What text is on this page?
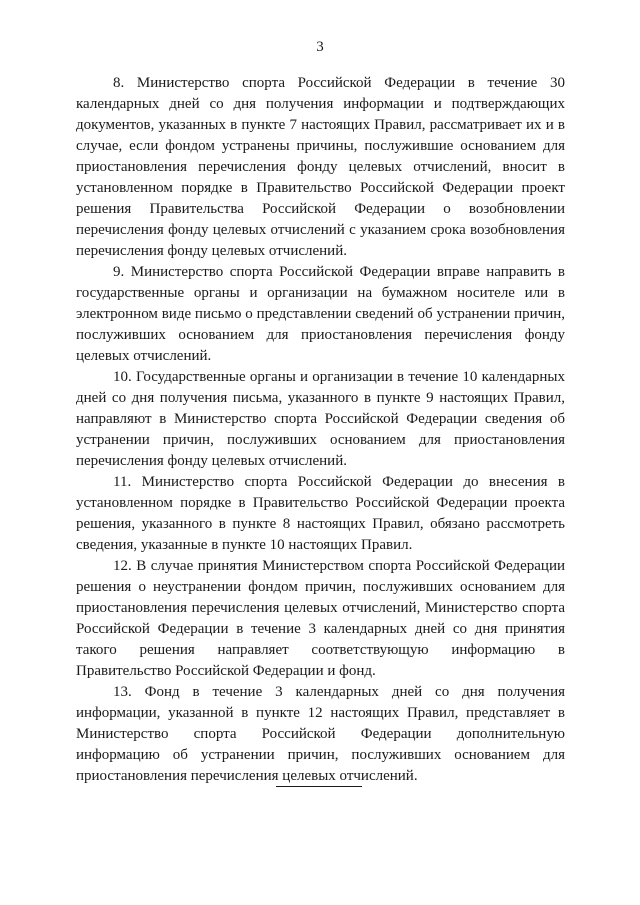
3

8. Министерство спорта Российской Федерации в течение 30 календарных дней со дня получения информации и подтверждающих документов, указанных в пункте 7 настоящих Правил, рассматривает их и в случае, если фондом устранены причины, послужившие основанием для приостановления перечисления фонду целевых отчислений, вносит в установленном порядке в Правительство Российской Федерации проект решения Правительства Российской Федерации о возобновлении перечисления фонду целевых отчислений с указанием срока возобновления перечисления фонду целевых отчислений.

9. Министерство спорта Российской Федерации вправе направить в государственные органы и организации на бумажном носителе или в электронном виде письмо о представлении сведений об устранении причин, послуживших основанием для приостановления перечисления фонду целевых отчислений.

10. Государственные органы и организации в течение 10 календарных дней со дня получения письма, указанного в пункте 9 настоящих Правил, направляют в Министерство спорта Российской Федерации сведения об устранении причин, послуживших основанием для приостановления перечисления фонду целевых отчислений.

11. Министерство спорта Российской Федерации до внесения в установленном порядке в Правительство Российской Федерации проекта решения, указанного в пункте 8 настоящих Правил, обязано рассмотреть сведения, указанные в пункте 10 настоящих Правил.

12. В случае принятия Министерством спорта Российской Федерации решения о неустранении фондом причин, послуживших основанием для приостановления перечисления целевых отчислений, Министерство спорта Российской Федерации в течение 3 календарных дней со дня принятия такого решения направляет соответствующую информацию в Правительство Российской Федерации и фонд.

13. Фонд в течение 3 календарных дней со дня получения информации, указанной в пункте 12 настоящих Правил, представляет в Министерство спорта Российской Федерации дополнительную информацию об устранении причин, послуживших основанием для приостановления перечисления целевых отчислений.
